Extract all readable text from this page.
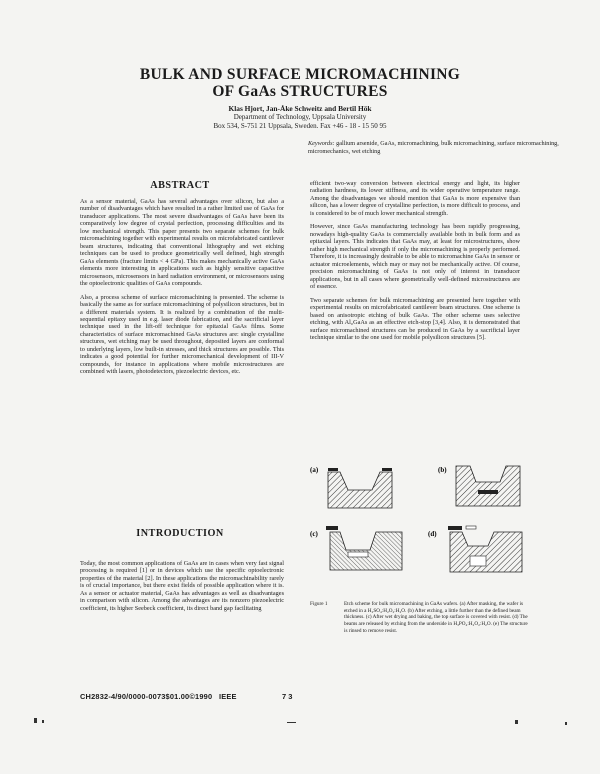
BULK AND SURFACE MICROMACHINING
OF GaAs STRUCTURES
Klas Hjort, Jan-Åke Schweitz and Bertil Hök
Department of Technology, Uppsala University
Box 534, S-751 21 Uppsala, Sweden. Fax +46 - 18 - 15 50 95
Keywords: gallium arsenide, GaAs, micromachining, bulk micromachining, surface micromachining, micromechanics, wet etching
ABSTRACT

As a sensor material, GaAs has several advantages over silicon, but also a number of disadvantages which have resulted in a rather limited use of GaAs for transducer applications. The most severe disadvantages of GaAs have been its comparatively low degree of crystal perfection, processing difficulties and its low mechanical strength. This paper presents two separate schemes for bulk micromachining together with experimental results on microfabricated cantilever beam structures, indicating that conventional lithography and wet etching techniques can be used to produce geometrically well defined, high strength GaAs elements (fracture limits < 4 GPa). This makes mechanically active GaAs elements more interesting in applications such as highly sensitive capacitive microsensors, microsensors in hard radiation environment, or microsensors using the optoelectronic qualities of GaAs compounds.

Also, a process scheme of surface micromachining is presented. The scheme is basically the same as for surface micromachining of polysilicon structures, but in a different materials system. It is realized by a combination of the multi-sequential epitaxy used in e.g. laser diode fabrication, and the sacrificial layer technique used in the lift-off technique for epitaxial GaAs films. Some characteristics of surface micromachined GaAs structures are: single crystalline structures, wet etching may be used throughout, deposited layers are conformal to underlying layers, low built-in stresses, and thick structures are possible. This indicates a good potential for further micromechanical development of III-V compounds, for instance in applications where mobile microstructures are combined with lasers, photodetectors, piezoelectric devices, etc.

INTRODUCTION

Today, the most common applications of GaAs are in cases when very fast signal processing is required [1] or in devices which use the specific optoelectronic properties of the material [2]. In these applications the micromachinability rarely is of crucial importance, but there exist fields of possible application where it is. As a sensor or actuator material, GaAs has advantages as well as disadvantages in comparison with silicon. Among the advantages are its nonzero piezoelectric coefficient, its higher Seebeck coefficient, its direct band gap facilitating

efficient two-way conversion between electrical energy and light, its higher radiation hardness, its lower stiffness, and its wider operative temperature range. Among the disadvantages we should mention that GaAs is more expensive than silicon, has a lower degree of crystalline perfection, is more difficult to process, and is considered to be of much lower mechanical strength.

However, since GaAs manufacturing technology has been rapidly progressing, nowadays high-quality GaAs is commercially available both in bulk form and as epitaxial layers. This indicates that GaAs may, at least for microstructures, show rather high mechanical strength if only the micromachining is properly performed. Therefore, it is increasingly desirable to be able to micromachine GaAs in sensor or actuator microelements, which may or may not be mechanically active. Of course, precision micromachining of GaAs is not only of interest in transducer applications, but in all cases where geometrically well-defined microstructures are of essence.

Two separate schemes for bulk micromachining are presented here together with experimental results on microfabricated cantilever beam structures. One scheme is based on anisotropic etching of bulk GaAs. The other scheme uses selective etching, with Al₀GaAs as an effective etch-stop [3,4]. Also, it is demonstrated that surface micromachined structures can be produced in GaAs by a sacrificial layer technique similar to the one used for mobile polysilicon structures [5].

(a)	(b)
(c)	(d)
Figure 1	Etch scheme for bulk micromachining in GaAs wafers. (a) After masking, the wafer is etched in a H₂SO₄:H₂O₂:H₂O. (b) After etching, a little further than the defined beam thickness. (c) After wet drying and baking, the top surface is covered with resist. (d) The beams are released by etching from the underside in H₃PO₄:H₂O₂:H₂O. (e) The structure is rinsed to remove resist.
CH2832-4/90/0000-0073$01.00©1990   IEEE	7 3
